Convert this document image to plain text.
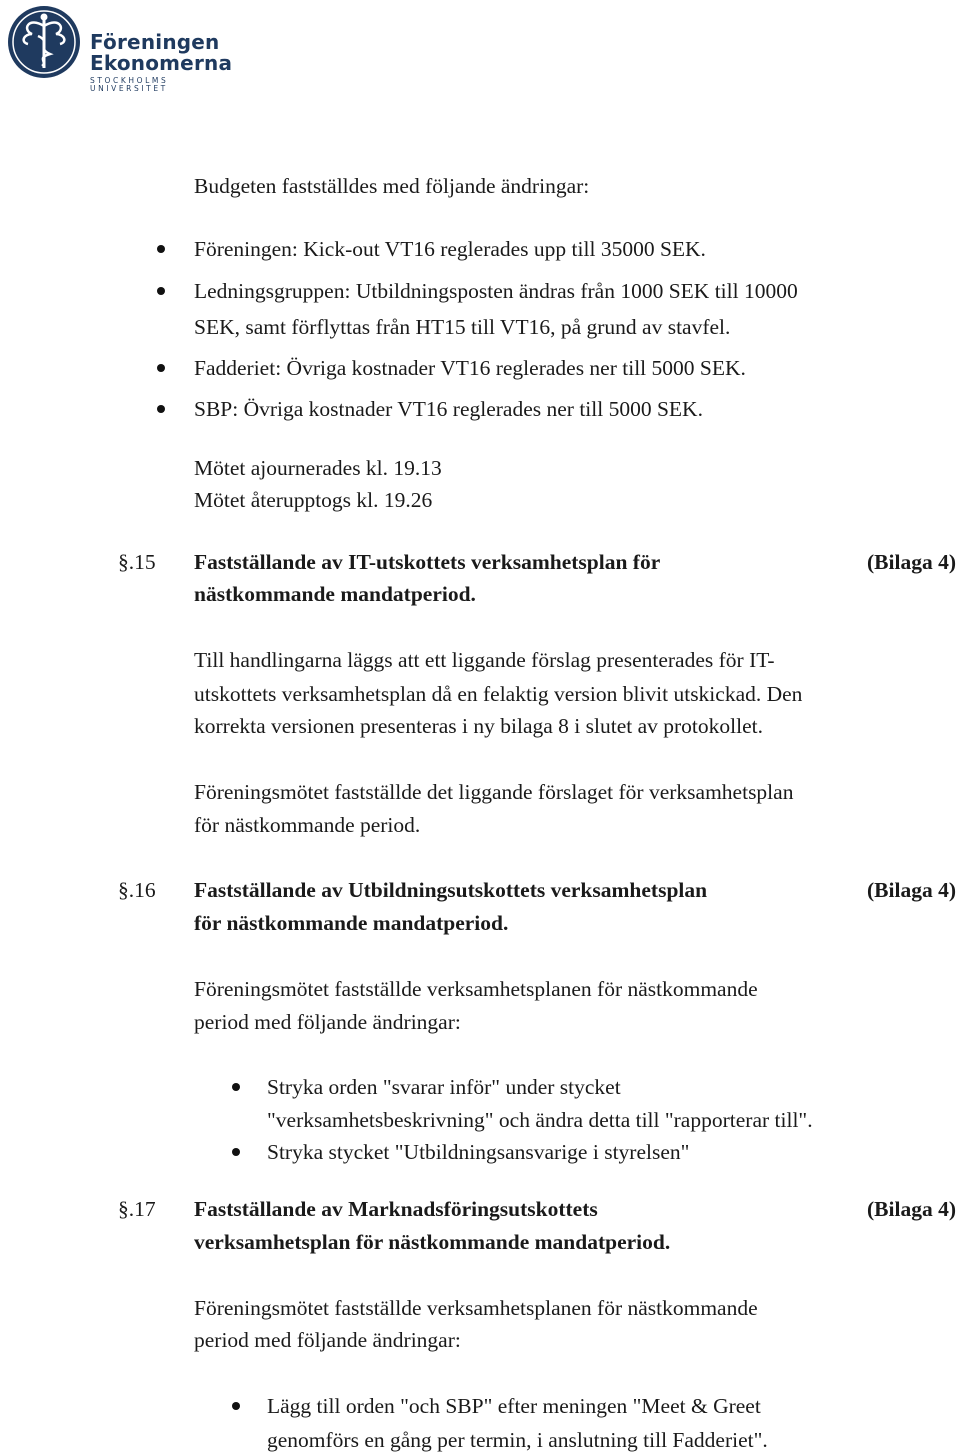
Föreningen
Ekonomerna
STOCKHOLMS UNIVERSITET
Budgeten fastställdes med följande ändringar:
Föreningen: Kick-out VT16 reglerades upp till 35000 SEK.
Ledningsgruppen: Utbildningsposten ändras från 1000 SEK till 10000
SEK, samt förflyttas från HT15 till VT16, på grund av stavfel.
Fadderiet: Övriga kostnader VT16 reglerades ner till 5000 SEK.
SBP: Övriga kostnader VT16 reglerades ner till 5000 SEK.
Mötet ajournerades kl. 19.13
Mötet återupptogs kl. 19.26
§.15 Fastställande av IT-utskottets verksamhetsplan för
nästkommande mandatperiod.
(Bilaga 4)
Till handlingarna läggs att ett liggande förslag presenterades för IT-
utskottets verksamhetsplan då en felaktig version blivit utskickad. Den
korrekta versionen presenteras i ny bilaga 8 i slutet av protokollet.
Föreningsmötet fastställde det liggande förslaget för verksamhetsplan
för nästkommande period.
§.16 Fastställande av Utbildningsutskottets verksamhetsplan
för nästkommande mandatperiod.
(Bilaga 4)
Föreningsmötet fastställde verksamhetsplanen för nästkommande
period med följande ändringar:
Stryka orden "svarar inför" under stycket
"verksamhetsbeskrivning" och ändra detta till "rapporterar till".
Stryka stycket "Utbildningsansvarige i styrelsen"
§.17 Fastställande av Marknadsföringsutskottets
verksamhetsplan för nästkommande mandatperiod.
(Bilaga 4)
Föreningsmötet fastställde verksamhetsplanen för nästkommande
period med följande ändringar:
Lägg till orden "och SBP" efter meningen "Meet & Greet
genomförs en gång per termin, i anslutning till Fadderiet".
